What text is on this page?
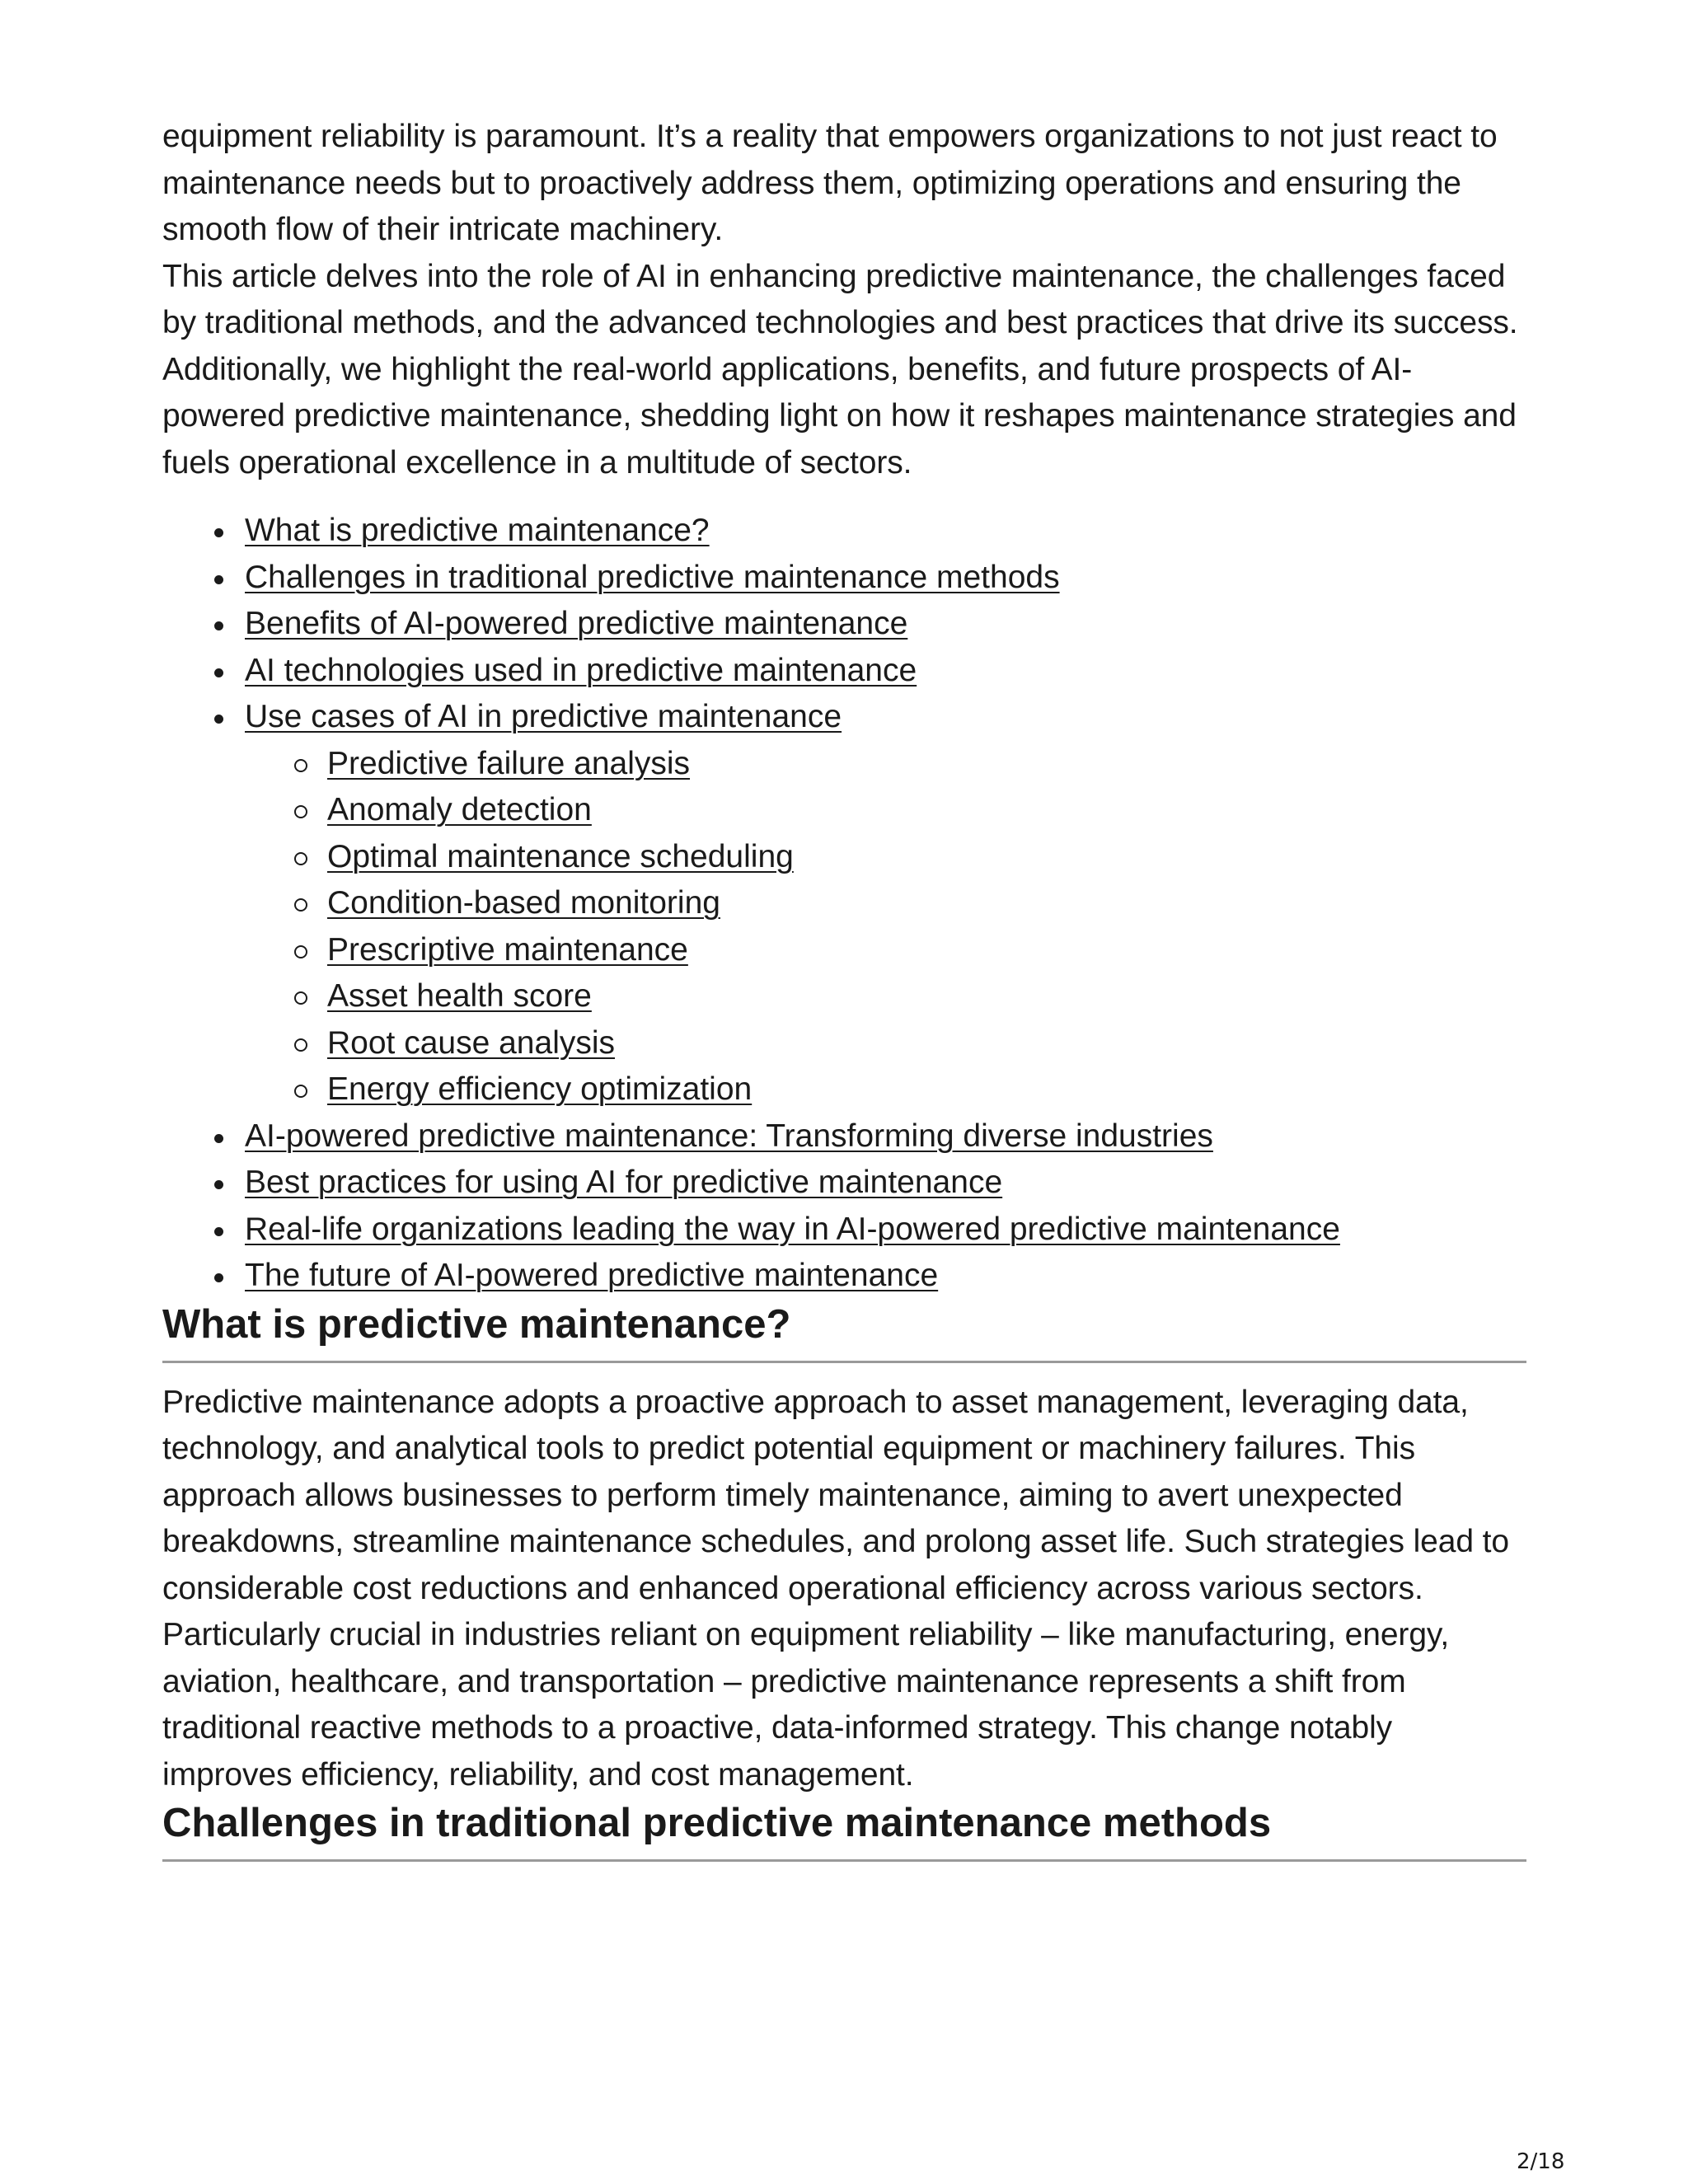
equipment reliability is paramount. It’s a reality that empowers organizations to not just react to maintenance needs but to proactively address them, optimizing operations and ensuring the smooth flow of their intricate machinery.

This article delves into the role of AI in enhancing predictive maintenance, the challenges faced by traditional methods, and the advanced technologies and best practices that drive its success. Additionally, we highlight the real-world applications, benefits, and future prospects of AI-powered predictive maintenance, shedding light on how it reshapes maintenance strategies and fuels operational excellence in a multitude of sectors.

What is predictive maintenance?
Challenges in traditional predictive maintenance methods
Benefits of AI-powered predictive maintenance
AI technologies used in predictive maintenance
Use cases of AI in predictive maintenance
Predictive failure analysis
Anomaly detection
Optimal maintenance scheduling
Condition-based monitoring
Prescriptive maintenance
Asset health score
Root cause analysis
Energy efficiency optimization
AI-powered predictive maintenance: Transforming diverse industries
Best practices for using AI for predictive maintenance
Real-life organizations leading the way in AI-powered predictive maintenance
The future of AI-powered predictive maintenance
What is predictive maintenance?

Predictive maintenance adopts a proactive approach to asset management, leveraging data, technology, and analytical tools to predict potential equipment or machinery failures. This approach allows businesses to perform timely maintenance, aiming to avert unexpected breakdowns, streamline maintenance schedules, and prolong asset life. Such strategies lead to considerable cost reductions and enhanced operational efficiency across various sectors. Particularly crucial in industries reliant on equipment reliability – like manufacturing, energy, aviation, healthcare, and transportation – predictive maintenance represents a shift from traditional reactive methods to a proactive, data-informed strategy. This change notably improves efficiency, reliability, and cost management.

Challenges in traditional predictive maintenance methods
2/18
